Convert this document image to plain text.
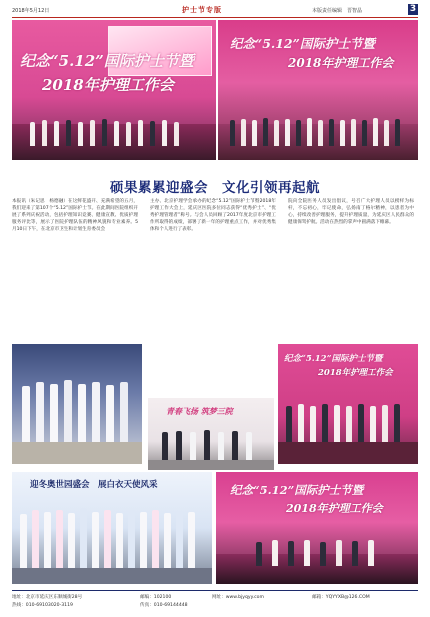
2018年5月12日	护士节专版	本版责任编辑　晋智晶	3
纪念“5.12”国际护士节暨
2018年护理工作会
纪念“5.12”国际护士节暨
2018年护理工作会
硕果累累迎盛会　文化引领再起航
本报讯（朱记思　杨德融）在这鲜花盛开、充满希望的五月，我们迎来了第107个“5.12”国际护士节。在此期间医院组织开展了系列庆祝活动，包括护理知识竞赛、健康宣教、优质护理服务评比等，展示了医院护理队伍的精神风貌和专业素养。5月10日下午，在北京市卫生和计划生育委员会
主办、北京护理学会承办的纪念“5.12”国际护士节暨2018年护理工作大会上，延庆区医院多位同志获得“优秀护士”、“优秀护理管理者”称号。与会人员回顾了2017年度北京市护理工作所取得的成绩，部署了新一年的护理重点工作，并对优秀集体和个人进行了表彰。
院向全院医务人员发出倡议，号召广大护理人员以榜样为标杆，不忘初心，牢记使命，弘扬南丁格尔精神，以患者为中心，持续改善护理服务，提升护理质量，为延庆区人民群众的健康保驾护航。活动在热烈的掌声中圆满落下帷幕。
纪念“5.12”国际护士节暨
2018年护理工作会
青春飞扬 筑梦三院
迎冬奥世园盛会　展白衣天使风采	纪念“5.12”国际护士节暨
2018年护理工作会
地址：北京市延庆区东顺城街28号	邮编：102100	网址：www.bjyqyy.com	邮箱：YQYYXB@126.COM
热线：010-69103020-3119	传真：010-69144448
